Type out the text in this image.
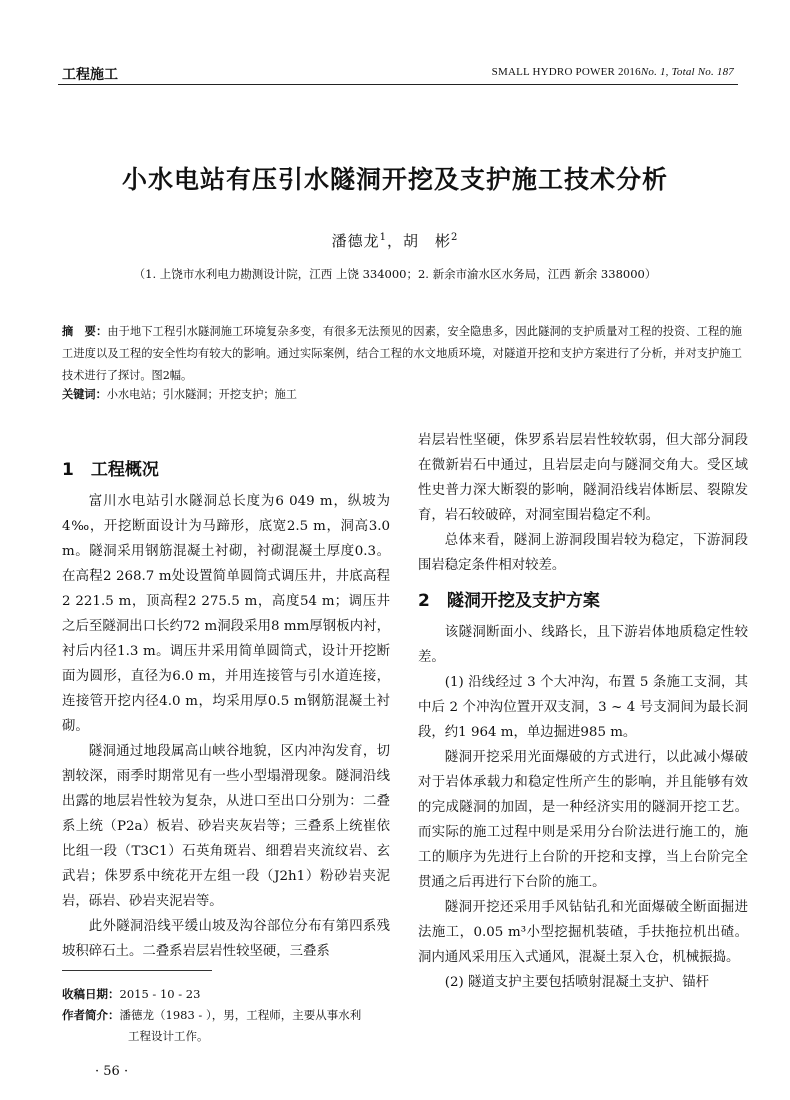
工程施工	SMALL HYDRO POWER 2016No. 1, Total No. 187
小水电站有压引水隧洞开挖及支护施工技术分析
潘德龙$^1$，胡　彬$^2$
（1. 上饶市水利电力勘测设计院，江西 上饶 334000；2. 新余市渝水区水务局，江西 新余 338000）
摘　要：由于地下工程引水隧洞施工环境复杂多变，有很多无法预见的因素，安全隐患多，因此隧洞的支护质量对工程的投资、工程的施工进度以及工程的安全性均有较大的影响。通过实际案例，结合工程的水文地质环境，对隧道开挖和支护方案进行了分析，并对支护施工技术进行了探讨。图2幅。
关键词：小水电站；引水隧洞；开挖支护；施工

1　工程概况

富川水电站引水隧洞总长度为6 049 m，纵坡为4‰，开挖断面设计为马蹄形，底宽2.5 m，洞高3.0 m。隧洞采用钢筋混凝土衬砌，衬砌混凝土厚度0.3。在高程2 268.7 m处设置简单圆筒式调压井，井底高程2 221.5 m，顶高程2 275.5 m，高度54 m；调压井之后至隧洞出口长约72 m洞段采用8 mm厚钢板内衬，衬后内径1.3 m。调压井采用简单圆筒式，设计开挖断面为圆形，直径为6.0 m，并用连接管与引水道连接，连接管开挖内径4.0 m，均采用厚0.5 m钢筋混凝土衬砌。

隧洞通过地段属高山峡谷地貌，区内冲沟发育，切割较深，雨季时期常见有一些小型塌滑现象。隧洞沿线出露的地层岩性较为复杂，从进口至出口分别为：二叠系上统（P2a）板岩、砂岩夹灰岩等；三叠系上统崔依比组一段（T3C1）石英角斑岩、细碧岩夹流纹岩、玄武岩；侏罗系中统花开左组一段（J2h1）粉砂岩夹泥岩，砾岩、砂岩夹泥岩等。

此外隧洞沿线平缓山坡及沟谷部位分布有第四系残坡积碎石土。二叠系岩层岩性较坚硬，三叠系

岩层岩性坚硬，侏罗系岩层岩性较软弱，但大部分洞段在微新岩石中通过，且岩层走向与隧洞交角大。受区域性史普力深大断裂的影响，隧洞沿线岩体断层、裂隙发育，岩石较破碎，对洞室围岩稳定不利。

总体来看，隧洞上游洞段围岩较为稳定，下游洞段围岩稳定条件相对较差。

2　隧洞开挖及支护方案

该隧洞断面小、线路长，且下游岩体地质稳定性较差。

(1) 沿线经过 3 个大冲沟，布置 5 条施工支洞，其中后 2 个冲沟位置开双支洞，3 ~ 4 号支洞间为最长洞段，约1 964 m，单边掘进985 m。

隧洞开挖采用光面爆破的方式进行，以此减小爆破对于岩体承载力和稳定性所产生的影响，并且能够有效的完成隧洞的加固，是一种经济实用的隧洞开挖工艺。而实际的施工过程中则是采用分台阶法进行施工的，施工的顺序为先进行上台阶的开挖和支撑，当上台阶完全贯通之后再进行下台阶的施工。

隧洞开挖还采用手风钻钻孔和光面爆破全断面掘进法施工，0.05 m³小型挖掘机装碴，手扶拖拉机出碴。洞内通风采用压入式通风，混凝土泵入仓，机械振捣。

(2) 隧道支护主要包括喷射混凝土支护、锚杆

收稿日期：2015 - 10 - 23
作者简介：潘德龙（1983 - ），男，工程师，主要从事水利
工程设计工作。
· 56 ·
